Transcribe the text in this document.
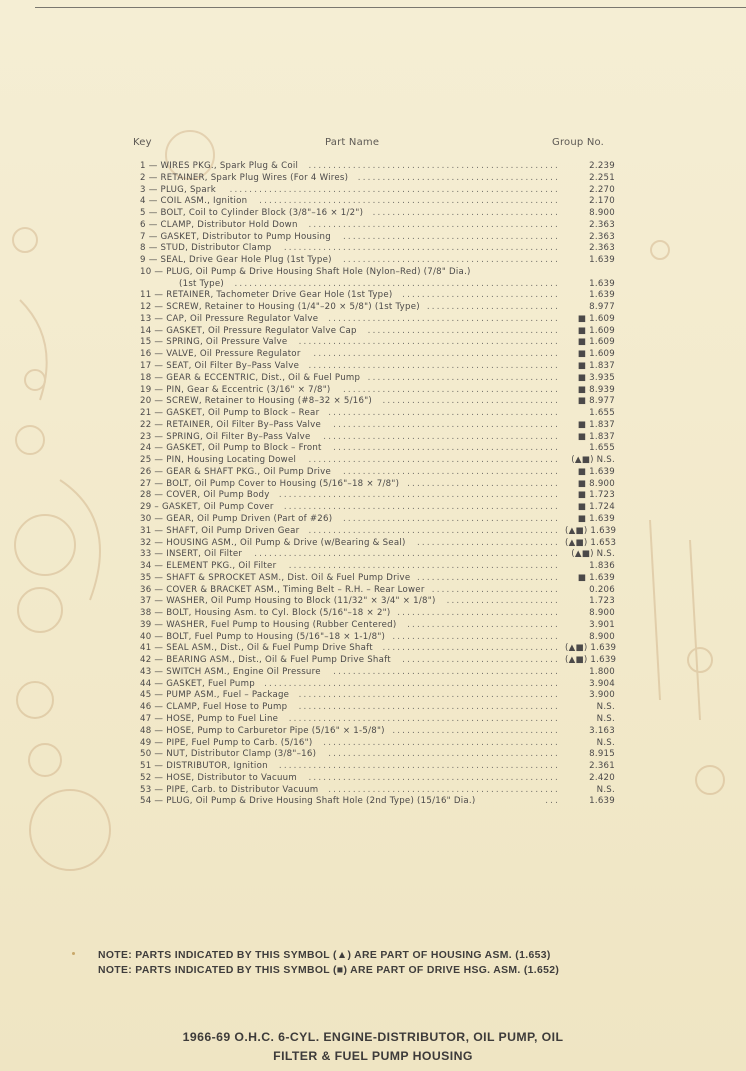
Key	Part Name	Group No.
1 — WIRES PKG., Spark Plug & Coil ...................................................	2.239
2 — RETAINER, Spark Plug Wires (For 4 Wires) .........................................	2.251
3 — PLUG, Spark ...................................................................	2.270
4 — COIL ASM., Ignition .............................................................	2.170
5 — BOLT, Coil to Cylinder Block (3/8"–16 × 1/2") ......................................	8.900
6 — CLAMP, Distributor Hold Down ...................................................	2.363
7 — GASKET, Distributor to Pump Housing ............................................	2.363
8 — STUD, Distributor Clamp ........................................................	2.363
9 — SEAL, Drive Gear Hole Plug (1st Type) ............................................	1.639
10 — PLUG, Oil Pump & Drive Housing Shaft Hole (Nylon–Red) (7/8" Dia.)
(1st Type) ..................................................................	1.639
11 — RETAINER, Tachometer Drive Gear Hole (1st Type) ................................	1.639
12 — SCREW, Retainer to Housing (1/4"–20 × 5/8") (1st Type) ...........................	8.977
13 — CAP, Oil Pressure Regulator Valve ...............................................	■ 1.609
14 — GASKET, Oil Pressure Regulator Valve Cap .......................................	■ 1.609
15 — SPRING, Oil Pressure Valve .....................................................	■ 1.609
16 — VALVE, Oil Pressure Regulator ..................................................	■ 1.609
17 — SEAT, Oil Filter By–Pass Valve ...................................................	■ 1.837
18 — GEAR & ECCENTRIC, Dist., Oil & Fuel Pump .......................................	■ 3.935
19 — PIN, Gear & Eccentric (3/16" × 7/8") ............................................	■ 8.939
20 — SCREW, Retainer to Housing (#8–32 × 5/16") ....................................	■ 8.977
21 — GASKET, Oil Pump to Block – Rear ...............................................	1.655
22 — RETAINER, Oil Filter By–Pass Valve ..............................................	■ 1.837
23 — SPRING, Oil Filter By–Pass Valve ................................................	■ 1.837
24 — GASKET, Oil Pump to Block – Front ..............................................	1.655
25 — PIN, Housing Locating Dowel ...................................................	(▲■) N.S.
26 — GEAR & SHAFT PKG., Oil Pump Drive ............................................	■ 1.639
27 — BOLT, Oil Pump Cover to Housing (5/16"–18 × 7/8") ...............................	■ 8.900
28 — COVER, Oil Pump Body .........................................................	■ 1.723
29 – GASKET, Oil Pump Cover ........................................................	■ 1.724
30 — GEAR, Oil Pump Driven (Part of #26) ............................................	■ 1.639
31 — SHAFT, Oil Pump Driven Gear ................................................... (▲■) 1.639
32 — HOUSING ASM., Oil Pump & Drive (w/Bearing & Seal) ............................. (▲■) 1.653
33 — INSERT, Oil Filter ..............................................................	(▲■) N.S.
34 — ELEMENT PKG., Oil Filter .......................................................	1.836
35 — SHAFT & SPROCKET ASM., Dist. Oil & Fuel Pump Drive .............................	■ 1.639
36 — COVER & BRACKET ASM., Timing Belt – R.H. – Rear Lower ..........................	0.206
37 — WASHER, Oil Pump Housing to Block (11/32" × 3/4" × 1/8") .......................	1.723
38 — BOLT, Housing Asm. to Cyl. Block (5/16"–18 × 2") .................................	8.900
39 — WASHER, Fuel Pump to Housing (Rubber Centered) ...............................	3.901
40 — BOLT, Fuel Pump to Housing (5/16"–18 × 1-1/8") ..................................	8.900
41 — SEAL ASM., Dist., Oil & Fuel Pump Drive Shaft .................................... (▲■) 1.639
42 — BEARING ASM., Dist., Oil & Fuel Pump Drive Shaft ................................ (▲■) 1.639
43 — SWITCH ASM., Engine Oil Pressure ..............................................	1.800
44 — GASKET, Fuel Pump ............................................................	3.904
45 — PUMP ASM., Fuel – Package .....................................................	3.900
46 — CLAMP, Fuel Hose to Pump .....................................................	N.S.
47 — HOSE, Pump to Fuel Line .......................................................	N.S.
48 — HOSE, Pump to Carburetor Pipe (5/16" × 1-5/8") ..................................	3.163
49 — PIPE, Fuel Pump to Carb. (5/16") ................................................	N.S.
50 — NUT, Distributor Clamp (3/8"–16) ...............................................	8.915
51 — DISTRIBUTOR, Ignition .........................................................	2.361
52 — HOSE, Distributor to Vacuum ...................................................	2.420
53 — PIPE, Carb. to Distributor Vacuum ...............................................	N.S.
54 — PLUG, Oil Pump & Drive Housing Shaft Hole (2nd Type) (15/16" Dia.)	...	1.639
NOTE: PARTS INDICATED BY THIS SYMBOL (▲) ARE PART OF HOUSING ASM. (1.653)
NOTE: PARTS INDICATED BY THIS SYMBOL (■) ARE PART OF DRIVE HSG. ASM. (1.652)
1966-69 O.H.C. 6-CYL. ENGINE-DISTRIBUTOR, OIL PUMP, OIL
FILTER & FUEL PUMP HOUSING
